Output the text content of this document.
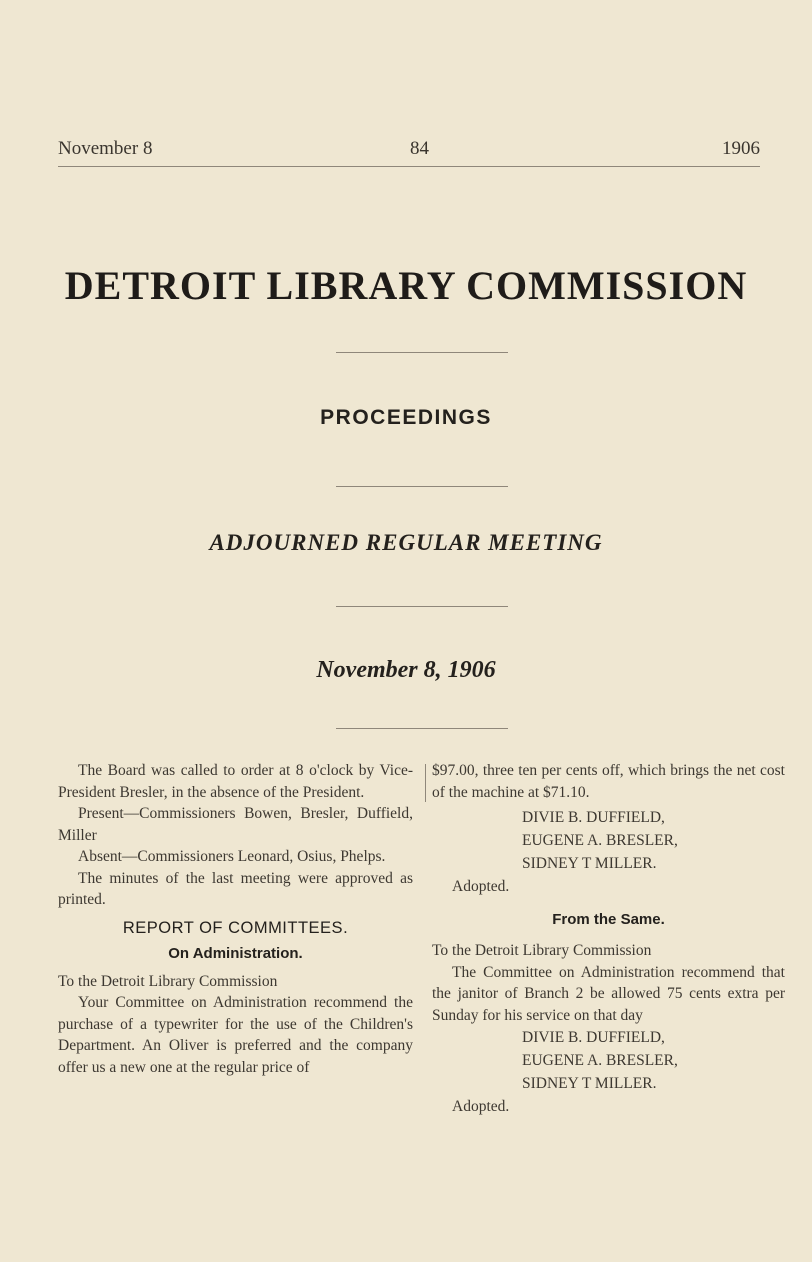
November 8	84	1906
DETROIT LIBRARY COMMISSION
PROCEEDINGS
ADJOURNED REGULAR MEETING
November 8, 1906

The Board was called to order at 8 o'clock by Vice-President Bresler, in the absence of the President.

Present—Commissioners Bowen, Bresler, Duffield, Miller

Absent—Commissioners Leonard, Osius, Phelps.

The minutes of the last meeting were approved as printed.

REPORT OF COMMITTEES.
On Administration.

To the Detroit Library Commission

Your Committee on Administration recommend the purchase of a typewriter for the use of the Children's Department. An Oliver is preferred and the company offer us a new one at the regular price of

$97.00, three ten per cents off, which brings the net cost of the machine at $71.10.

DIVIE B. DUFFIELD,
EUGENE A. BRESLER,
SIDNEY T MILLER.
Adopted.
From the Same.

To the Detroit Library Commission

The Committee on Administration recommend that the janitor of Branch 2 be allowed 75 cents extra per Sunday for his service on that day

DIVIE B. DUFFIELD,
EUGENE A. BRESLER,
SIDNEY T MILLER.
Adopted.
